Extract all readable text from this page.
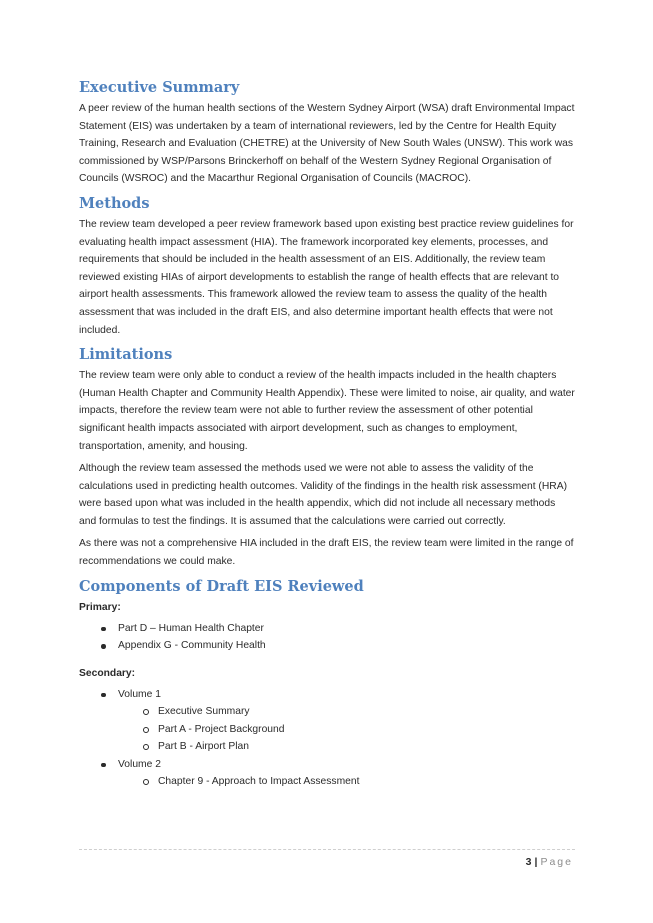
Executive Summary

A peer review of the human health sections of the Western Sydney Airport (WSA) draft Environmental Impact Statement (EIS) was undertaken by a team of international reviewers, led by the Centre for Health Equity Training, Research and Evaluation (CHETRE) at the University of New South Wales (UNSW). This work was commissioned by WSP/Parsons Brinckerhoff on behalf of the Western Sydney Regional Organisation of Councils (WSROC) and the Macarthur Regional Organisation of Councils (MACROC).

Methods

The review team developed a peer review framework based upon existing best practice review guidelines for evaluating health impact assessment (HIA). The framework incorporated key elements, processes, and requirements that should be included in the health assessment of an EIS. Additionally, the review team reviewed existing HIAs of airport developments to establish the range of health effects that are relevant to airport health assessments. This framework allowed the review team to assess the quality of the health assessment that was included in the draft EIS, and also determine important health effects that were not included.

Limitations

The review team were only able to conduct a review of the health impacts included in the health chapters (Human Health Chapter and Community Health Appendix). These were limited to noise, air quality, and water impacts, therefore the review team were not able to further review the assessment of other potential significant health impacts associated with airport development, such as changes to employment, transportation, amenity, and housing.

Although the review team assessed the methods used we were not able to assess the validity of the calculations used in predicting health outcomes. Validity of the findings in the health risk assessment (HRA) were based upon what was included in the health appendix, which did not include all necessary methods and formulas to test the findings. It is assumed that the calculations were carried out correctly.

As there was not a comprehensive HIA included in the draft EIS, the review team were limited in the range of recommendations we could make.

Components of Draft EIS Reviewed
Primary:
Part D – Human Health Chapter
Appendix G - Community Health
Secondary:
Volume 1
Executive Summary
Part A - Project Background
Part B - Airport Plan
Volume 2
Chapter 9 - Approach to Impact Assessment
3 | Page
